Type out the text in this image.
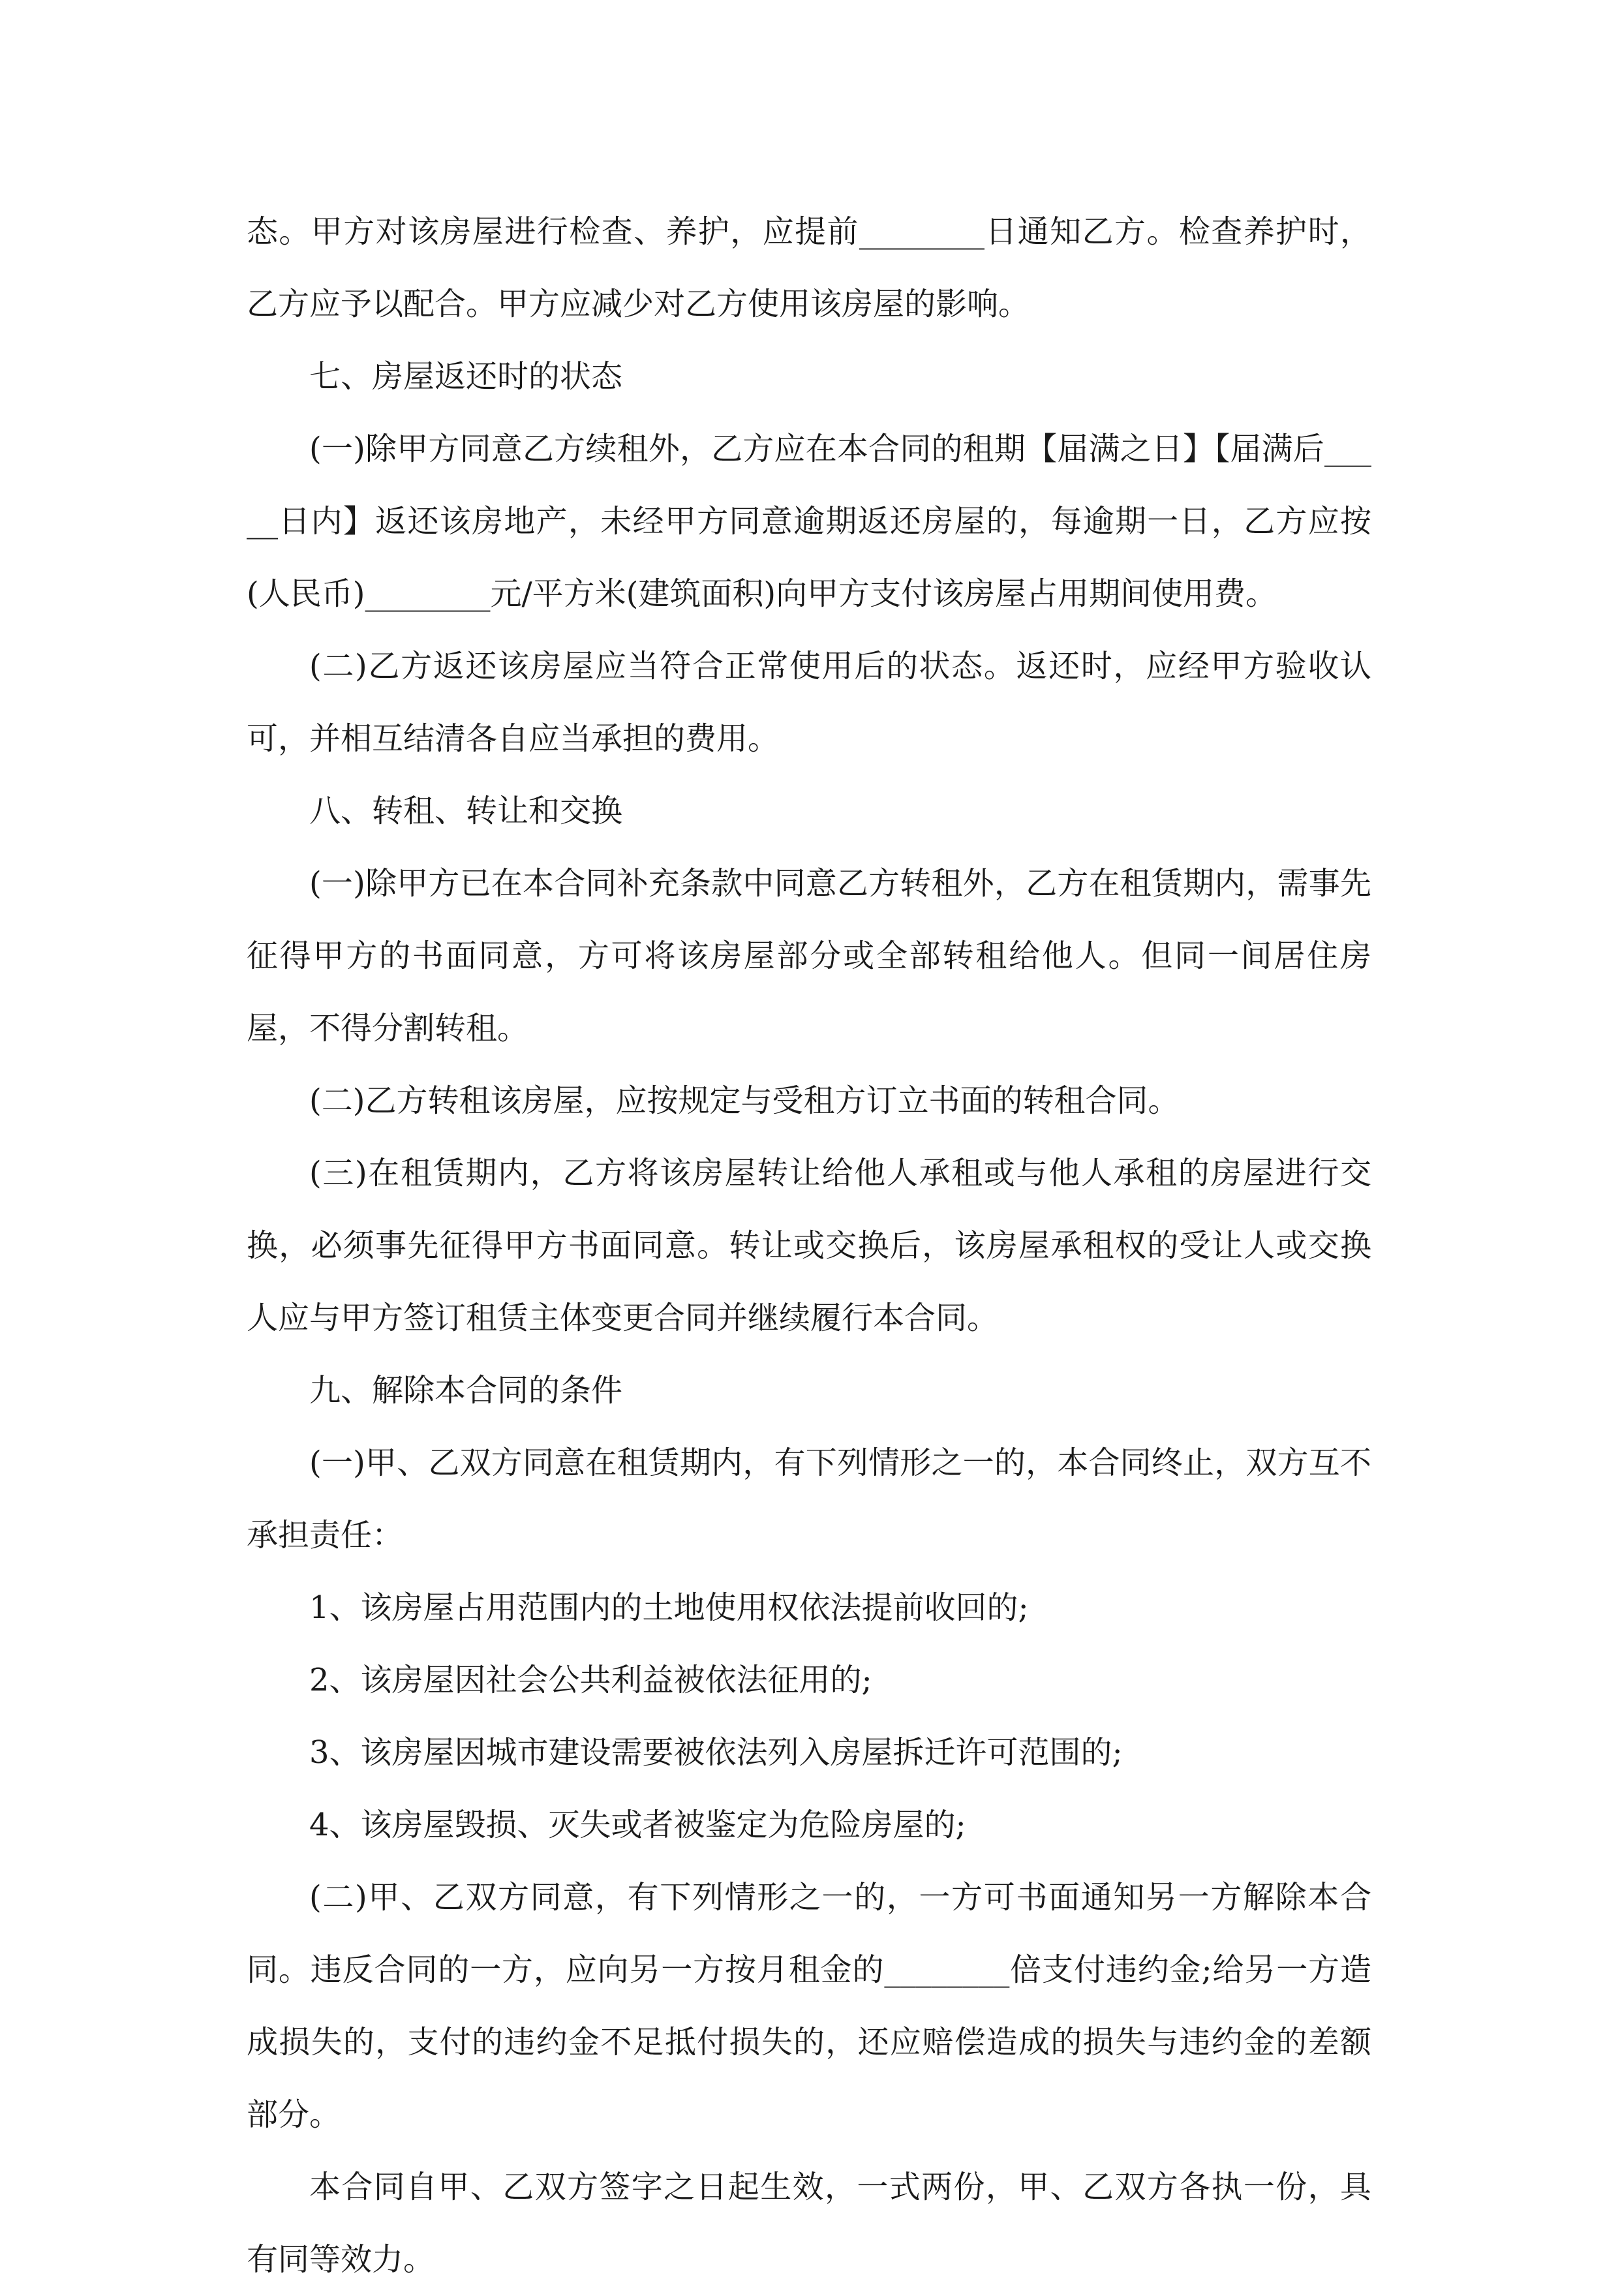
态。甲方对该房屋进行检查、养护，应提前________日通知乙方。检查养护时，乙方应予以配合。甲方应减少对乙方使用该房屋的影响。

七、房屋返还时的状态

(一)除甲方同意乙方续租外，乙方应在本合同的租期【届满之日】【届满后_____日内】返还该房地产，未经甲方同意逾期返还房屋的，每逾期一日，乙方应按(人民币)________元/平方米(建筑面积)向甲方支付该房屋占用期间使用费。

(二)乙方返还该房屋应当符合正常使用后的状态。返还时，应经甲方验收认可，并相互结清各自应当承担的费用。

八、转租、转让和交换

(一)除甲方已在本合同补充条款中同意乙方转租外，乙方在租赁期内，需事先征得甲方的书面同意，方可将该房屋部分或全部转租给他人。但同一间居住房屋，不得分割转租。

(二)乙方转租该房屋，应按规定与受租方订立书面的转租合同。

(三)在租赁期内，乙方将该房屋转让给他人承租或与他人承租的房屋进行交换，必须事先征得甲方书面同意。转让或交换后，该房屋承租权的受让人或交换人应与甲方签订租赁主体变更合同并继续履行本合同。

九、解除本合同的条件

(一)甲、乙双方同意在租赁期内，有下列情形之一的，本合同终止，双方互不承担责任：

1、该房屋占用范围内的土地使用权依法提前收回的;

2、该房屋因社会公共利益被依法征用的;

3、该房屋因城市建设需要被依法列入房屋拆迁许可范围的;

4、该房屋毁损、灭失或者被鉴定为危险房屋的;

(二)甲、乙双方同意，有下列情形之一的，一方可书面通知另一方解除本合同。违反合同的一方，应向另一方按月租金的________倍支付违约金;给另一方造成损失的，支付的违约金不足抵付损失的，还应赔偿造成的损失与违约金的差额部分。

本合同自甲、乙双方签字之日起生效，一式两份，甲、乙双方各执一份，具有同等效力。
